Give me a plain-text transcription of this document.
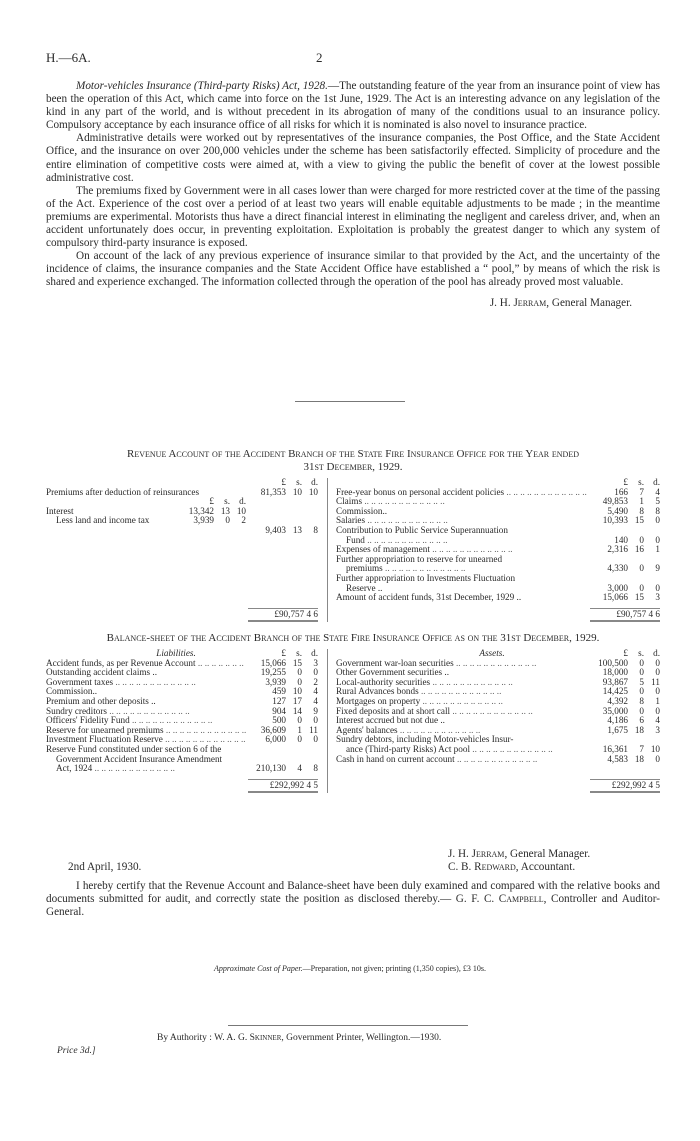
H.—6A.	2

Motor-vehicles Insurance (Third-party Risks) Act, 1928.—The outstanding feature of the year from an insurance point of view has been the operation of this Act, which came into force on the 1st June, 1929. The Act is an interesting advance on any legislation of the kind in any part of the world, and is without precedent in its abrogation of many of the conditions usual to an insurance policy. Compulsory acceptance by each insurance office of all risks for which it is nominated is also novel to insurance practice.

Administrative details were worked out by representatives of the insurance companies, the Post Office, and the State Accident Office, and the insurance on over 200,000 vehicles under the scheme has been satisfactorily effected. Simplicity of procedure and the entire elimination of competitive costs were aimed at, with a view to giving the public the benefit of cover at the lowest possible administrative cost.

The premiums fixed by Government were in all cases lower than were charged for more restricted cover at the time of the passing of the Act. Experience of the cost over a period of at least two years will enable equitable adjustments to be made ; in the meantime premiums are experimental. Motorists thus have a direct financial interest in eliminating the negligent and careless driver, and, when an accident unfortunately does occur, in preventing exploitation. Exploitation is probably the greatest danger to which any system of compulsory third-party insurance is exposed.

On account of the lack of any previous experience of insurance similar to that provided by the Act, and the uncertainty of the incidence of claims, the insurance companies and the State Accident Office have established a “ pool,” by means of which the risk is shared and experience exchanged. The information collected through the operation of the pool has already proved most valuable.

J. H. Jerram, General Manager.
Revenue Account of the Accident Branch of the State Fire Insurance Office for the Year ended
31st December, 1929.
£	s. d.
Premiums after deduction of reinsurances	81,353 10 10
£	s. d.
Interest	13,342 13 10
Less land and income tax	3,939	0	2
9,403 13	8
£90,757 4 6
£	s. d.
Free-year bonus on personal accident policies .. ..	166	7	4
Claims .. ..	49,853	1	5
Commission..	5,490	8	8
Salaries .. ..	10,393 15	0
Contribution to Public Service Superannuation
Fund .. ..	140	0	0
Expenses of management .. ..	2,316 16	1
Further appropriation to reserve for unearned
premiums .. ..	4,330	0	9
Further appropriation to Investments Fluctuation
Reserve ..	3,000	0	0
Amount of accident funds, 31st December, 1929 ..	15,066 15	3
£90,757 4 6
Balance-sheet of the Accident Branch of the State Fire Insurance Office as on the 31st December, 1929.
Liabilities.	£	s. d.
Accident funds, as per Revenue Account .. ..	15,066 15	3
Outstanding accident claims ..	19,255	0	0
Government taxes .. ..	3,939	0	2
Commission..	459 10	4
Premium and other deposits ..	127 17	4
Sundry creditors .. ..	904 14	9
Officers' Fidelity Fund .. ..	500	0	0
Reserve for unearned premiums .. ..	36,609	1 11
Investment Fluctuation Reserve .. ..	6,000	0	0
Reserve Fund constituted under section 6 of the
Government Accident Insurance Amendment
Act, 1924 .. ..	210,130	4	8
£292,992 4 5
Assets.	£	s. d.
Government war-loan securities .. ..	100,500	0	0
Other Government securities ..	18,000	0	0
Local-authority securities .. ..	93,867	5 11
Rural Advances bonds .. ..	14,425	0	0
Mortgages on property .. ..	4,392	8	1
Fixed deposits and at short call .. ..	35,000	0	0
Interest accrued but not due ..	4,186	6	4
Agents' balances .. ..	1,675 18	3
Sundry debtors, including Motor-vehicles Insur-
ance (Third-party Risks) Act pool .. ..	16,361	7 10
Cash in hand on current account .. ..	4,583 18	0
£292,992 4 5
J. H. Jerram, General Manager.
C. B. Redward, Accountant.
2nd April, 1930.

I hereby certify that the Revenue Account and Balance-sheet have been duly examined and compared with the relative books and documents submitted for audit, and correctly state the position as disclosed thereby.— G. F. C. Campbell, Controller and Auditor-General.

Approximate Cost of Paper.—Preparation, not given; printing (1,350 copies), £3 10s.
By Authority : W. A. G. Skinner, Government Printer, Wellington.—1930.
Price 3d.]
